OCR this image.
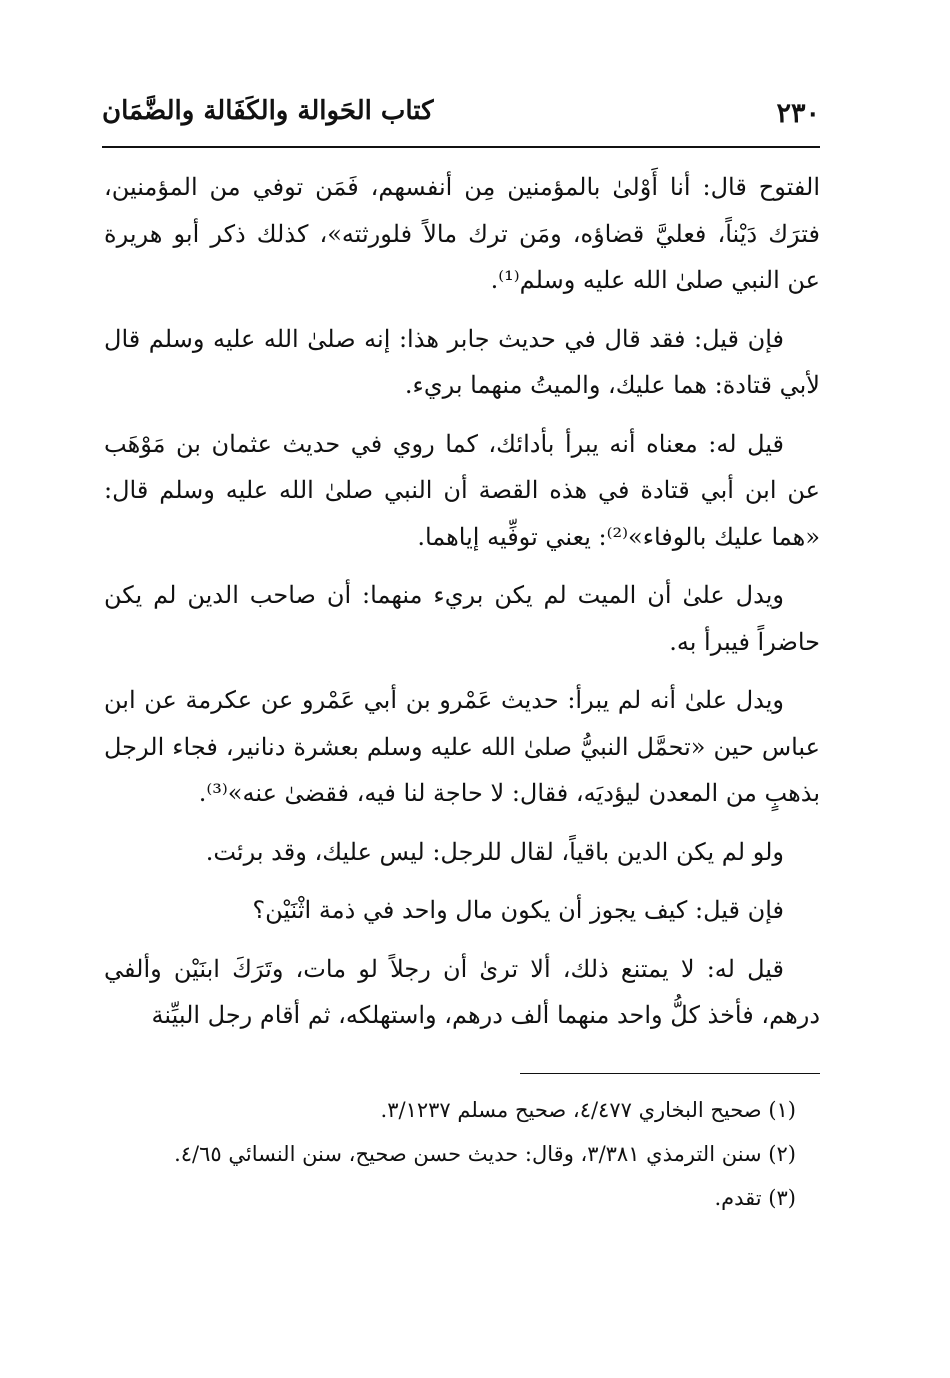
٢٣٠
كتاب الحَوالة والكَفَالة والضَّمَان

الفتوح قال: أنا أَوْلىٰ بالمؤمنين مِن أنفسهم، فَمَن توفي من المؤمنين، فترَك دَيْناً، فعليَّ قضاؤه، ومَن ترك مالاً فلورثته»، كذلك ذكر أبو هريرة عن النبي صلىٰ الله عليه وسلم⁽¹⁾.

فإن قيل: فقد قال في حديث جابر هذا: إنه صلىٰ الله عليه وسلم قال لأبي قتادة: هما عليك، والميتُ منهما بريء.

قيل له: معناه أنه يبرأ بأدائك، كما روي في حديث عثمان بن مَوْهَب عن ابن أبي قتادة في هذه القصة أن النبي صلىٰ الله عليه وسلم قال: «هما عليك بالوفاء»⁽²⁾: يعني توفِّيه إياهما.

ويدل علىٰ أن الميت لم يكن بريء منهما: أن صاحب الدين لم يكن حاضراً فيبرأ به.

ويدل علىٰ أنه لم يبرأ: حديث عَمْرو بن أبي عَمْرو عن عكرمة عن ابن عباس حين «تحمَّل النبيُّ صلىٰ الله عليه وسلم بعشرة دنانير، فجاء الرجل بذهبٍ من المعدن ليؤديَه، فقال: لا حاجة لنا فيه، فقضىٰ عنه»⁽³⁾.

ولو لم يكن الدين باقياً، لقال للرجل: ليس عليك، وقد برئت.

فإن قيل: كيف يجوز أن يكون مال واحد في ذمة اثْنَيْن؟

قيل له: لا يمتنع ذلك، ألا ترىٰ أن رجلاً لو مات، وتَرَكَ ابنَيْن وألفي درهم، فأخذ كلُّ واحد منهما ألف درهم، واستهلكه، ثم أقام رجل البيِّنة

(١) صحيح البخاري ٤/٤٧٧، صحيح مسلم ٣/١٢٣٧.

(٢) سنن الترمذي ٣/٣٨١، وقال: حديث حسن صحيح، سنن النسائي ٤/٦٥.

(٣) تقدم.
